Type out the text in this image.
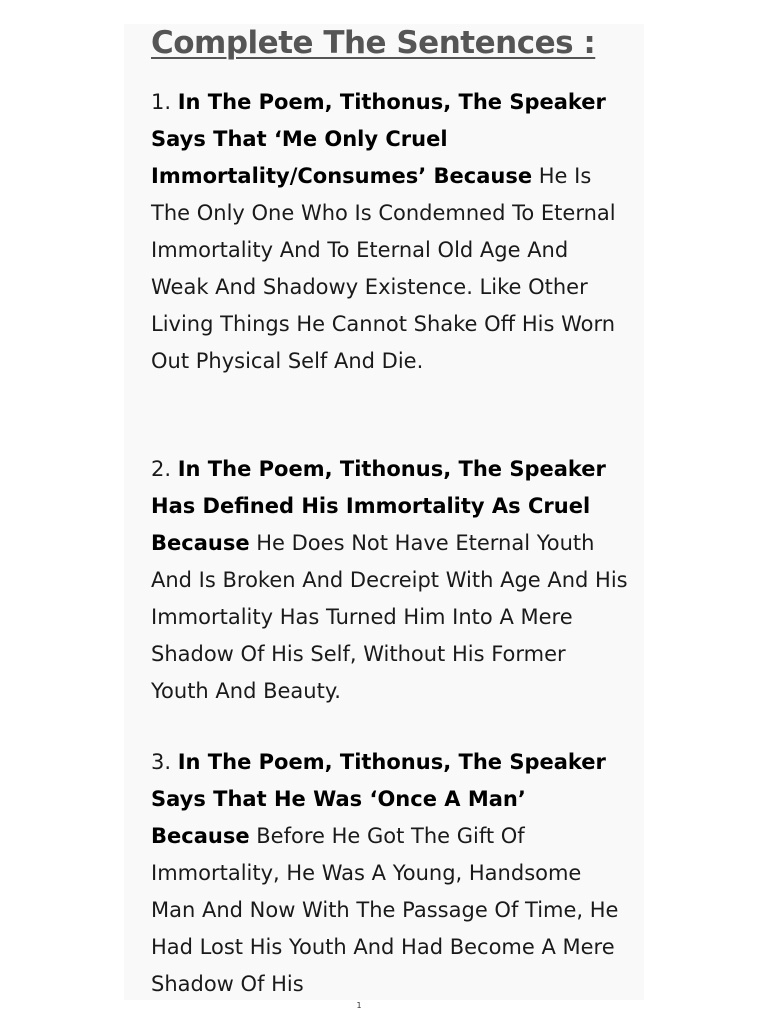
Complete The Sentences :

1. In The Poem, Tithonus, The Speaker Says That ‘Me Only Cruel Immortality/Consumes’ Because He Is The Only One Who Is Condemned To Eternal Immortality And To Eternal Old Age And Weak And Shadowy Existence. Like Other Living Things He Cannot Shake Off His Worn Out Physical Self And Die.

2. In The Poem, Tithonus, The Speaker Has Defined His Immortality As Cruel Because He Does Not Have Eternal Youth And Is Broken And Decreipt With Age And His Immortality Has Turned Him Into A Mere Shadow Of His Self, Without His Former Youth And Beauty.

3. In The Poem, Tithonus, The Speaker Says That He Was ‘Once A Man’ Because Before He Got The Gift Of Immortality, He Was A Young, Handsome Man And Now With The Passage Of Time, He Had Lost His Youth And Had Become A Mere Shadow Of His

1
